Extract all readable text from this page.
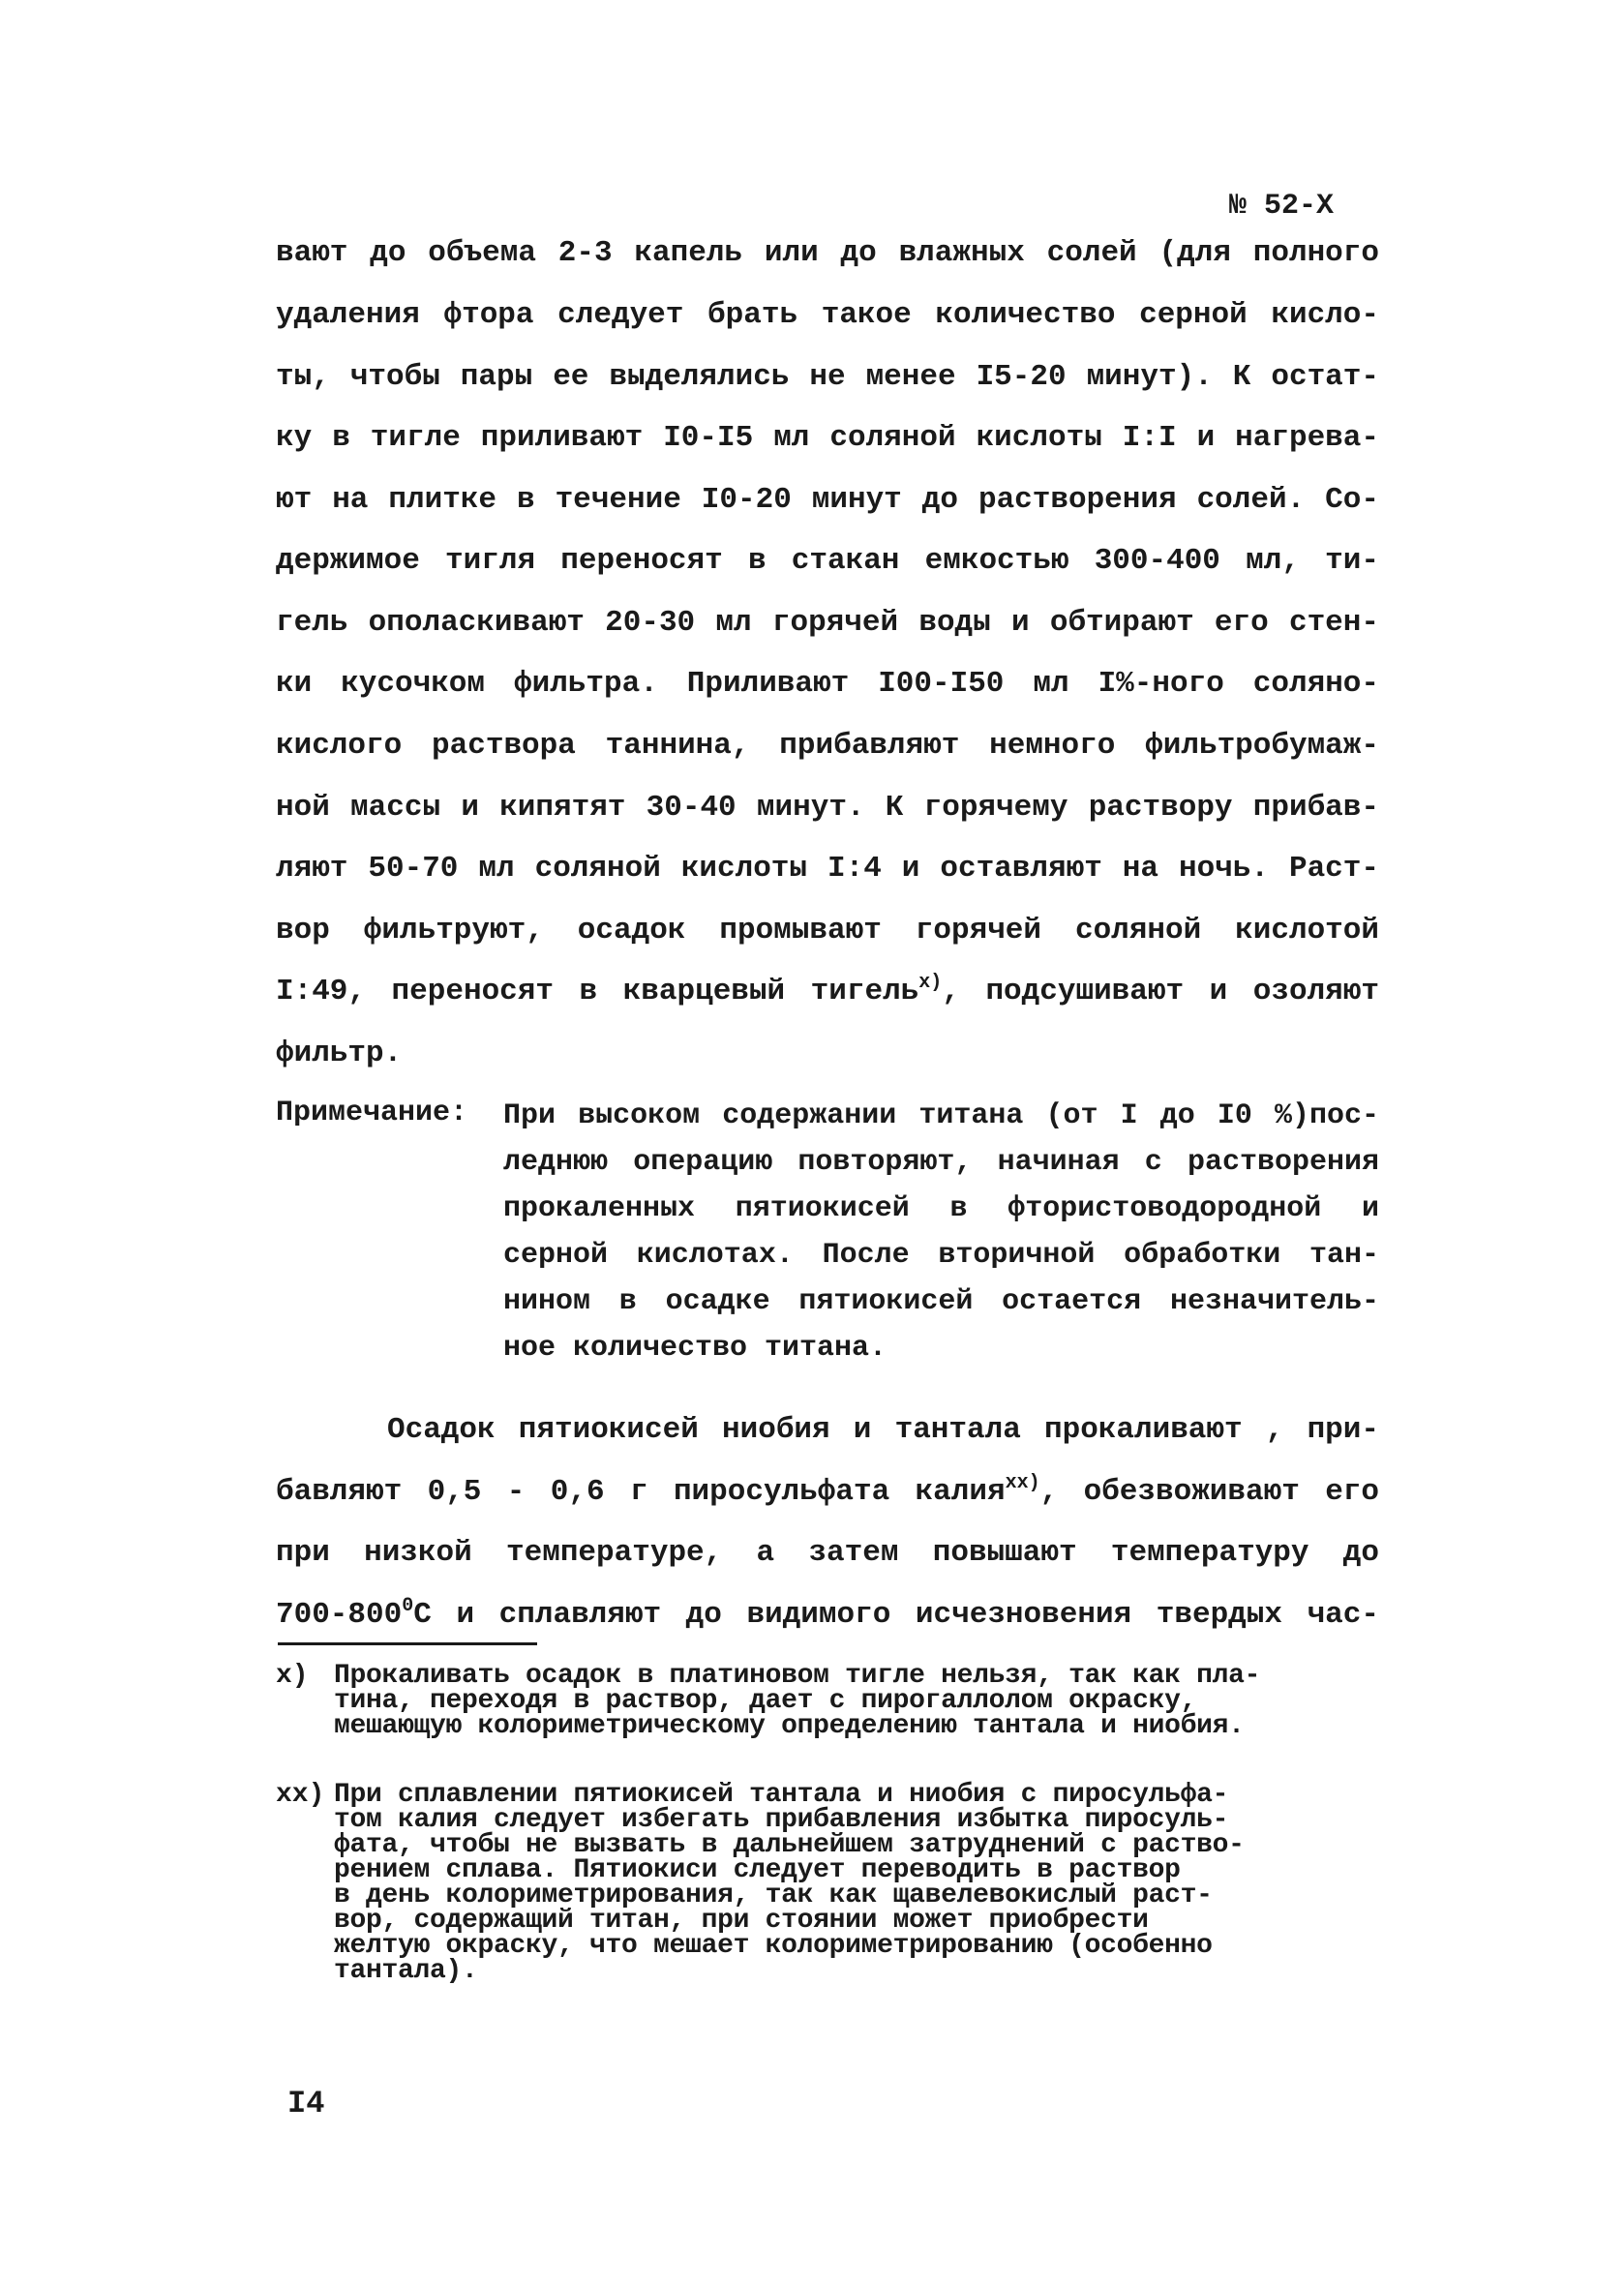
№ 52-Х
вают до объема 2-3 капель или до влажных солей (для полного
удаления фтора следует брать такое количество серной кисло-
ты, чтобы пары ее выделялись не менее I5-20 минут). К остат-
ку в тигле приливают I0-I5 мл соляной кислоты I:I и нагрева-
ют на плитке в течение I0-20 минут до растворения солей. Со-
держимое тигля переносят в стакан емкостью 300-400 мл, ти-
гель ополаскивают 20-30 мл горячей воды и обтирают его стен-
ки кусочком фильтра. Приливают I00-I50 мл I%-ного соляно-
кислого раствора таннина, прибавляют немного фильтробумаж-
ной массы и кипятят 30-40 минут. К горячему раствору прибав-
ляют 50-70 мл соляной кислоты I:4 и оставляют на ночь. Раст-
вор фильтруют, осадок промывают горячей соляной кислотой
I:49, переносят в кварцевый тигель$^{х)}$, подсушивают и озоляют
фильтр.
Примечание: При высоком содержании титана (от I до I0 %)пос-
леднюю операцию повторяют, начиная с растворения
прокаленных пятиокисей в фтористоводородной и
серной кислотах. После вторичной обработки тан-
нином в осадке пятиокисей остается незначитель-
ное количество титана.
Осадок пятиокисей ниобия и тантала прокаливают , при-
бавляют 0,5 - 0,6 г пиросульфата калия$^{хх)}$, обезвоживают его
при низкой температуре, а затем повышают температуру до
$700-800^0С$ и сплавляют до видимого исчезновения твердых час-
х) Прокаливать осадок в платиновом тигле нельзя, так как пла-
тина, переходя в раствор, дает с пирогаллолом окраску,
мешающую колориметрическому определению тантала и ниобия.
хх) При сплавлении пятиокисей тантала и ниобия с пиросульфа-
том калия следует избегать прибавления избытка пиросуль-
фата, чтобы не вызвать в дальнейшем затруднений с раство-
рением сплава. Пятиокиси следует переводить в раствор
в день колориметрирования, так как щавелевокислый раст-
вор, содержащий титан, при стоянии может приобрести
желтую окраску, что мешает колориметрированию (особенно
тантала).
I4
